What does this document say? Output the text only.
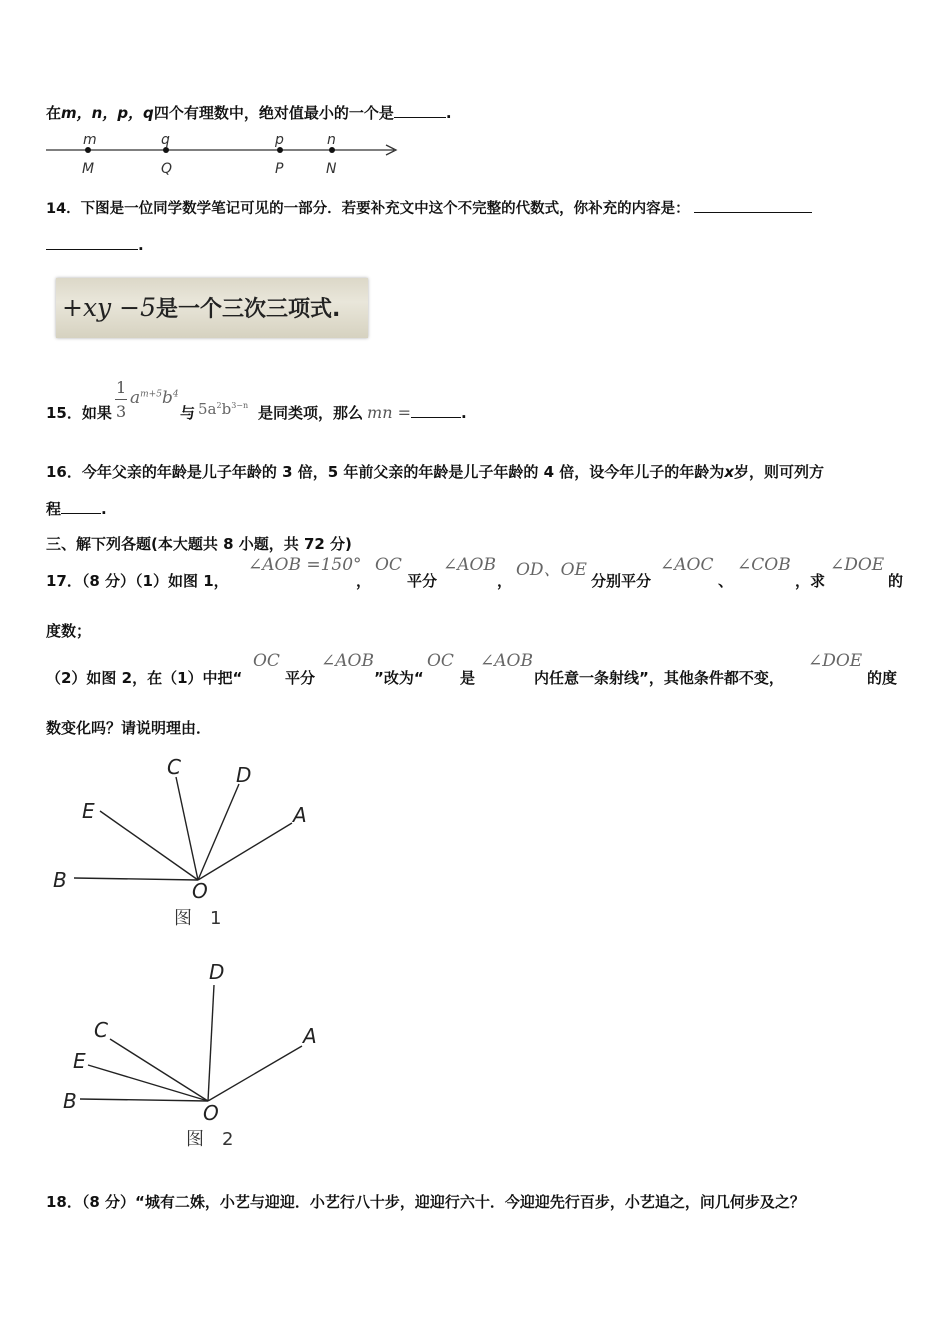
在m，n，p，q四个有理数中，绝对值最小的一个是	.
m
M
q
Q
p
P
n
N
14．下图是一位同学数学笔记可见的一部分．若要补充文中这个不完整的代数式，你补充的内容是：
.
+xy −5是一个三次三项式.
15．如果
1
3
$a^{m+5}b^4$
与 $5a^2b^{3-n}$ 是同类项，那么 mn =	.
16．今年父亲的年龄是儿子年龄的 3 倍，5 年前父亲的年龄是儿子年龄的 4 倍，设今年儿子的年龄为x岁，则可列方
程	.
三、解下列各题(本大题共 8 小题，共 72 分)
17．（8 分）（1）如图 1，
∠AOB =150°
，
OC
平分
∠AOB
，
OD、OE
分别平分
∠AOC
、
∠COB
，求
∠DOE
的
度数；
（2）如图 2，在（1）中把“
OC
平分
∠AOB
”改为“
OC
是
∠AOB
内任意一条射线”，其他条件都不变，
∠DOE
的度
数变化吗？请说明理由．
C	D
E	A
B	O
图　1
D
C
E
A
B	O
图　2
18．（8 分）“城有二姝，小艺与迎迎．小艺行八十步，迎迎行六十．今迎迎先行百步，小艺追之，问几何步及之？
